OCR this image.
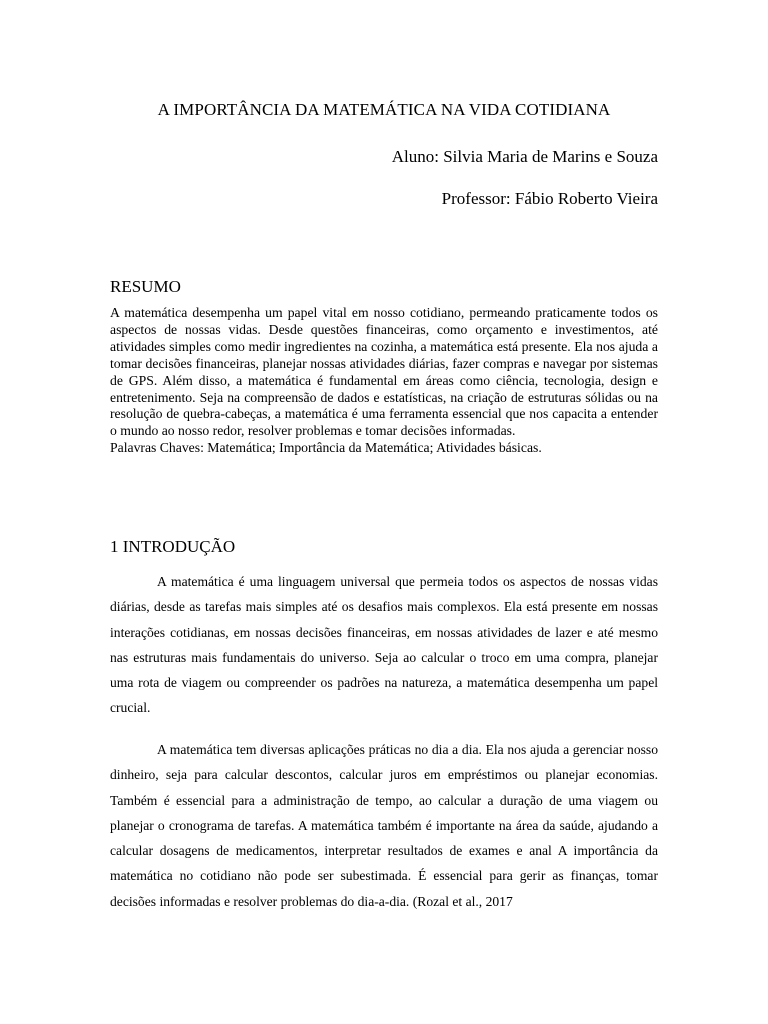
A IMPORTÂNCIA DA MATEMÁTICA NA VIDA COTIDIANA
Aluno: Silvia Maria de Marins e Souza
Professor: Fábio Roberto Vieira
RESUMO

A matemática desempenha um papel vital em nosso cotidiano, permeando praticamente todos os aspectos de nossas vidas. Desde questões financeiras, como orçamento e investimentos, até atividades simples como medir ingredientes na cozinha, a matemática está presente. Ela nos ajuda a tomar decisões financeiras, planejar nossas atividades diárias, fazer compras e navegar por sistemas de GPS. Além disso, a matemática é fundamental em áreas como ciência, tecnologia, design e entretenimento. Seja na compreensão de dados e estatísticas, na criação de estruturas sólidas ou na resolução de quebra-cabeças, a matemática é uma ferramenta essencial que nos capacita a entender o mundo ao nosso redor, resolver problemas e tomar decisões informadas.

Palavras Chaves: Matemática; Importância da Matemática; Atividades básicas.

1 INTRODUÇÃO

A matemática é uma linguagem universal que permeia todos os aspectos de nossas vidas diárias, desde as tarefas mais simples até os desafios mais complexos. Ela está presente em nossas interações cotidianas, em nossas decisões financeiras, em nossas atividades de lazer e até mesmo nas estruturas mais fundamentais do universo. Seja ao calcular o troco em uma compra, planejar uma rota de viagem ou compreender os padrões na natureza, a matemática desempenha um papel crucial.

A matemática tem diversas aplicações práticas no dia a dia. Ela nos ajuda a gerenciar nosso dinheiro, seja para calcular descontos, calcular juros em empréstimos ou planejar economias. Também é essencial para a administração de tempo, ao calcular a duração de uma viagem ou planejar o cronograma de tarefas. A matemática também é importante na área da saúde, ajudando a calcular dosagens de medicamentos, interpretar resultados de exames e anal A importância da matemática no cotidiano não pode ser subestimada. É essencial para gerir as finanças, tomar decisões informadas e resolver problemas do dia-a-dia. (Rozal et al., 2017
